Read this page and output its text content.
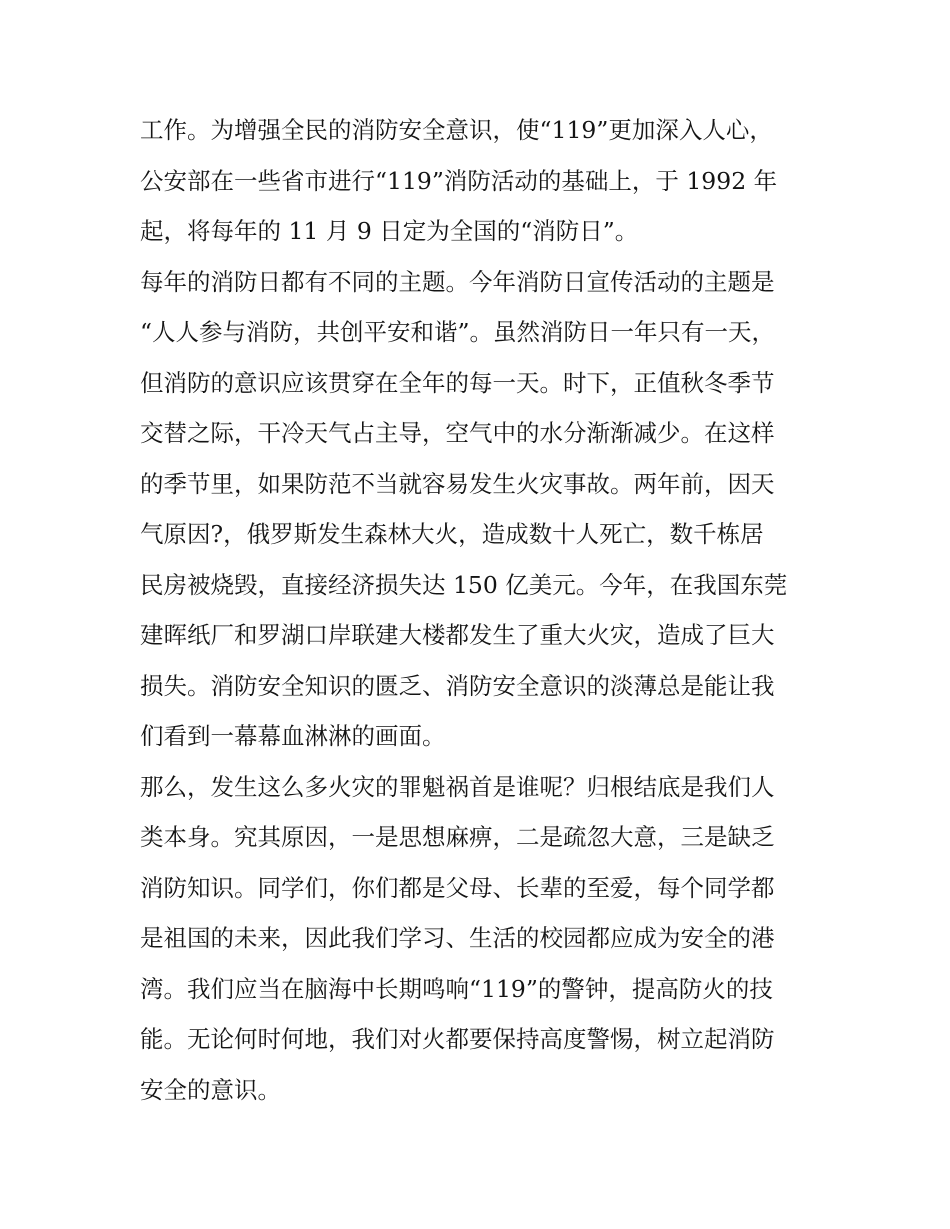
工作。为增强全民的消防安全意识，使“119”更加深入人心，
公安部在一些省市进行“119”消防活动的基础上，于 1992 年
起，将每年的 11 月 9 日定为全国的“消防日”。
每年的消防日都有不同的主题。今年消防日宣传活动的主题是
“人人参与消防，共创平安和谐”。虽然消防日一年只有一天，
但消防的意识应该贯穿在全年的每一天。时下，正值秋冬季节
交替之际，干冷天气占主导，空气中的水分渐渐减少。在这样
的季节里，如果防范不当就容易发生火灾事故。两年前，因天
气原因?，俄罗斯发生森林大火，造成数十人死亡，数千栋居
民房被烧毁，直接经济损失达 150 亿美元。今年，在我国东莞
建晖纸厂和罗湖口岸联建大楼都发生了重大火灾，造成了巨大
损失。消防安全知识的匮乏、消防安全意识的淡薄总是能让我
们看到一幕幕血淋淋的画面。
那么，发生这么多火灾的罪魁祸首是谁呢？归根结底是我们人
类本身。究其原因，一是思想麻痹，二是疏忽大意，三是缺乏
消防知识。同学们，你们都是父母、长辈的至爱，每个同学都
是祖国的未来，因此我们学习、生活的校园都应成为安全的港
湾。我们应当在脑海中长期鸣响“119”的警钟，提高防火的技
能。无论何时何地，我们对火都要保持高度警惕，树立起消防
安全的意识。
